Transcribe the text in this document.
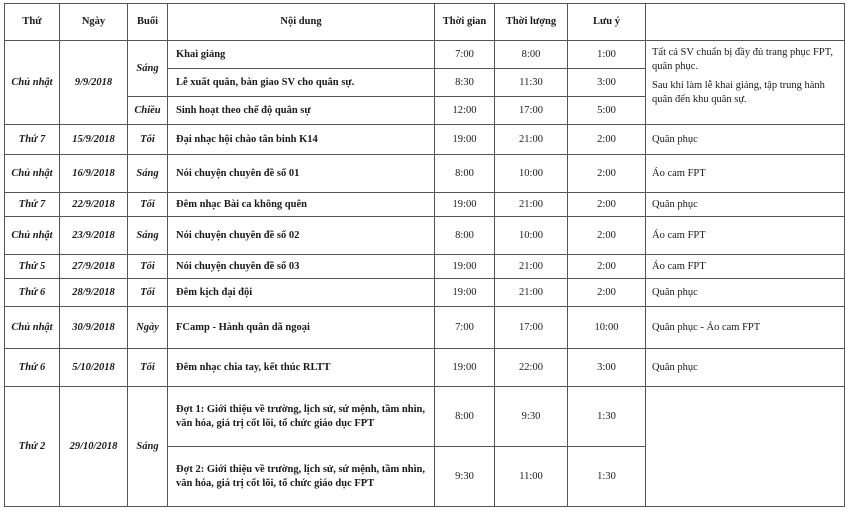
Thứ	Ngày	Buổi	Nội dung	Thời gian	Thời lượng	Lưu ý	
Chủ nhật	9/9/2018	Sáng	Khai giảng	7:00	8:00	1:00	Tất cả SV chuẩn bị đầy đủ trang phục FPT, quân phục.
Sau khi làm lễ khai giảng, tập trung hành quân đến khu quân sự.

			Lễ xuất quân, bàn giao SV cho quân sự.	8:30	11:30	3:00	
		Chiều	Sinh hoạt theo chế độ quân sự	12:00	17:00	5:00	
Thứ 7	15/9/2018	Tối	Đại nhạc hội chào tân binh K14	19:00	21:00	2:00	Quân phục
Chủ nhật	16/9/2018	Sáng	Nói chuyện chuyên đề số 01	8:00	10:00	2:00	Áo cam FPT
Thứ 7	22/9/2018	Tối	Đêm nhạc Bài ca không quên	19:00	21:00	2:00	Quân phục
Chủ nhật	23/9/2018	Sáng	Nói chuyện chuyên đề số 02	8:00	10:00	2:00	Áo cam FPT
Thứ 5	27/9/2018	Tối	Nói chuyện chuyên đề số 03	19:00	21:00	2:00	Áo cam FPT
Thứ 6	28/9/2018	Tối	Đêm kịch đại đội	19:00	21:00	2:00	Quân phục
Chủ nhật	30/9/2018	Ngày	FCamp - Hành quân dã ngoại	7:00	17:00	10:00	Quân phục - Áo cam FPT
Thứ 6	5/10/2018	Tối	Đêm nhạc chia tay, kết thúc RLTT	19:00	22:00	3:00	Quân phục
Thứ 2	29/10/2018	Sáng	Đợt 1: Giới thiệu về trường, lịch sử, sứ mệnh, tầm nhìn, văn hóa, giá trị cốt lõi, tổ chức giáo dục FPT	8:00	9:30	1:30	
			Đợt 2: Giới thiệu về trường, lịch sử, sứ mệnh, tầm nhìn, văn hóa, giá trị cốt lõi, tổ chức giáo dục FPT	9:30	11:00	1:30	
